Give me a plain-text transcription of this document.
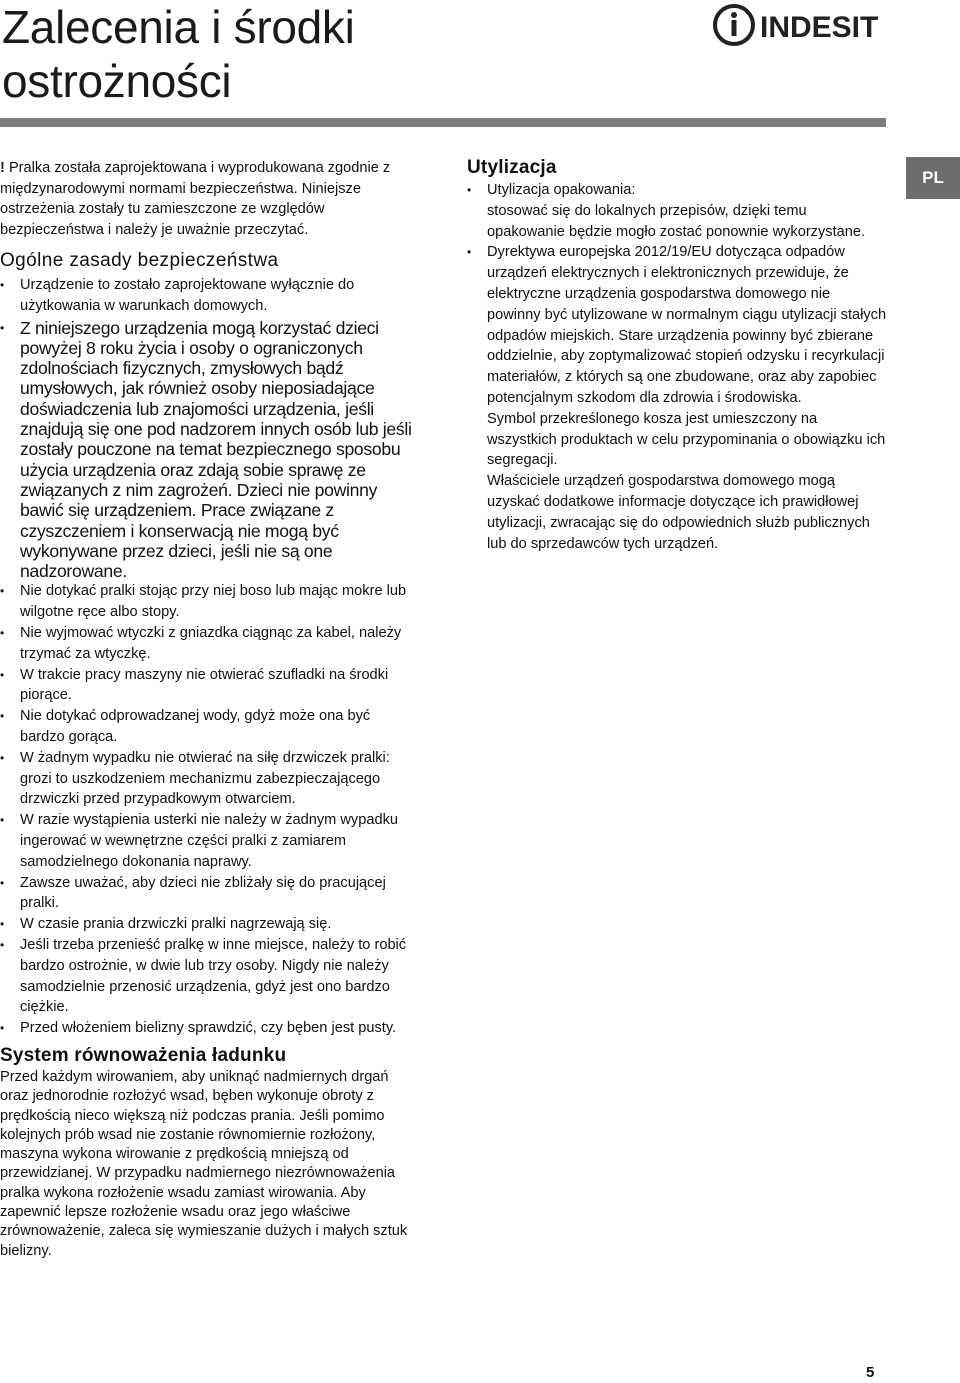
Zalecenia i środki
ostrożności
INDESIT
PL

! Pralka została zaprojektowana i wyprodukowana zgodnie z międzynarodowymi normami bezpieczeństwa. Niniejsze ostrzeżenia zostały tu zamieszczone ze względów bezpieczeństwa i należy je uważnie przeczytać.

Ogólne zasady bezpieczeństwa
• Urządzenie to zostało zaprojektowane wyłącznie do użytkowania w warunkach domowych.
• Z niniejszego urządzenia mogą korzystać dzieci powyżej 8 roku życia i osoby o ograniczonych zdolnościach fizycznych, zmysłowych bądź umysłowych, jak również osoby nieposiadające doświadczenia lub znajomości urządzenia, jeśli znajdują się one pod nadzorem innych osób lub jeśli zostały pouczone na temat bezpiecznego sposobu użycia urządzenia oraz zdają sobie sprawę ze związanych z nim zagrożeń. Dzieci nie powinny bawić się urządzeniem. Prace związane z czyszczeniem i konserwacją nie mogą być wykonywane przez dzieci, jeśli nie są one nadzorowane.
• Nie dotykać pralki stojąc przy niej boso lub mając mokre lub wilgotne ręce albo stopy.
• Nie wyjmować wtyczki z gniazdka ciągnąc za kabel, należy trzymać za wtyczkę.
• W trakcie pracy maszyny nie otwierać szufladki na środki piorące.
• Nie dotykać odprowadzanej wody, gdyż może ona być bardzo gorąca.
• W żadnym wypadku nie otwierać na siłę drzwiczek pralki: grozi to uszkodzeniem mechanizmu zabezpieczającego drzwiczki przed przypadkowym otwarciem.
• W razie wystąpienia usterki nie należy w żadnym wypadku ingerować w wewnętrzne części pralki z zamiarem samodzielnego dokonania naprawy.
• Zawsze uważać, aby dzieci nie zbliżały się do pracującej pralki.
• W czasie prania drzwiczki pralki nagrzewają się.
• Jeśli trzeba przenieść pralkę w inne miejsce, należy to robić bardzo ostrożnie, w dwie lub trzy osoby. Nigdy nie należy samodzielnie przenosić urządzenia, gdyż jest ono bardzo ciężkie.
• Przed włożeniem bielizny sprawdzić, czy bęben jest pusty.
System równoważenia ładunku

Przed każdym wirowaniem, aby uniknąć nadmiernych drgań oraz jednorodnie rozłożyć wsad, bęben wykonuje obroty z prędkością nieco większą niż podczas prania. Jeśli pomimo kolejnych prób wsad nie zostanie równomiernie rozłożony, maszyna wykona wirowanie z prędkością mniejszą od przewidzianej. W przypadku nadmiernego niezrównoważenia pralka wykona rozłożenie wsadu zamiast wirowania. Aby zapewnić lepsze rozłożenie wsadu oraz jego właściwe zrównoważenie, zaleca się wymieszanie dużych i małych sztuk bielizny.

Utylizacja
• Utylizacja opakowania:
stosować się do lokalnych przepisów, dzięki temu opakowanie będzie mogło zostać ponownie wykorzystane.
• Dyrektywa europejska 2012/19/EU dotycząca odpadów urządzeń elektrycznych i elektronicznych przewiduje, że elektryczne urządzenia gospodarstwa domowego nie powinny być utylizowane w normalnym ciągu utylizacji stałych odpadów miejskich. Stare urządzenia powinny być zbierane oddzielnie, aby zoptymalizować stopień odzysku i recyrkulacji materiałów, z których są one zbudowane, oraz aby zapobiec potencjalnym szkodom dla zdrowia i środowiska.
Symbol przekreślonego kosza jest umieszczony na wszystkich produktach w celu przypominania o obowiązku ich segregacji.
Właściciele urządzeń gospodarstwa domowego mogą uzyskać dodatkowe informacje dotyczące ich prawidłowej utylizacji, zwracając się do odpowiednich służb publicznych lub do sprzedawców tych urządzeń.
5
